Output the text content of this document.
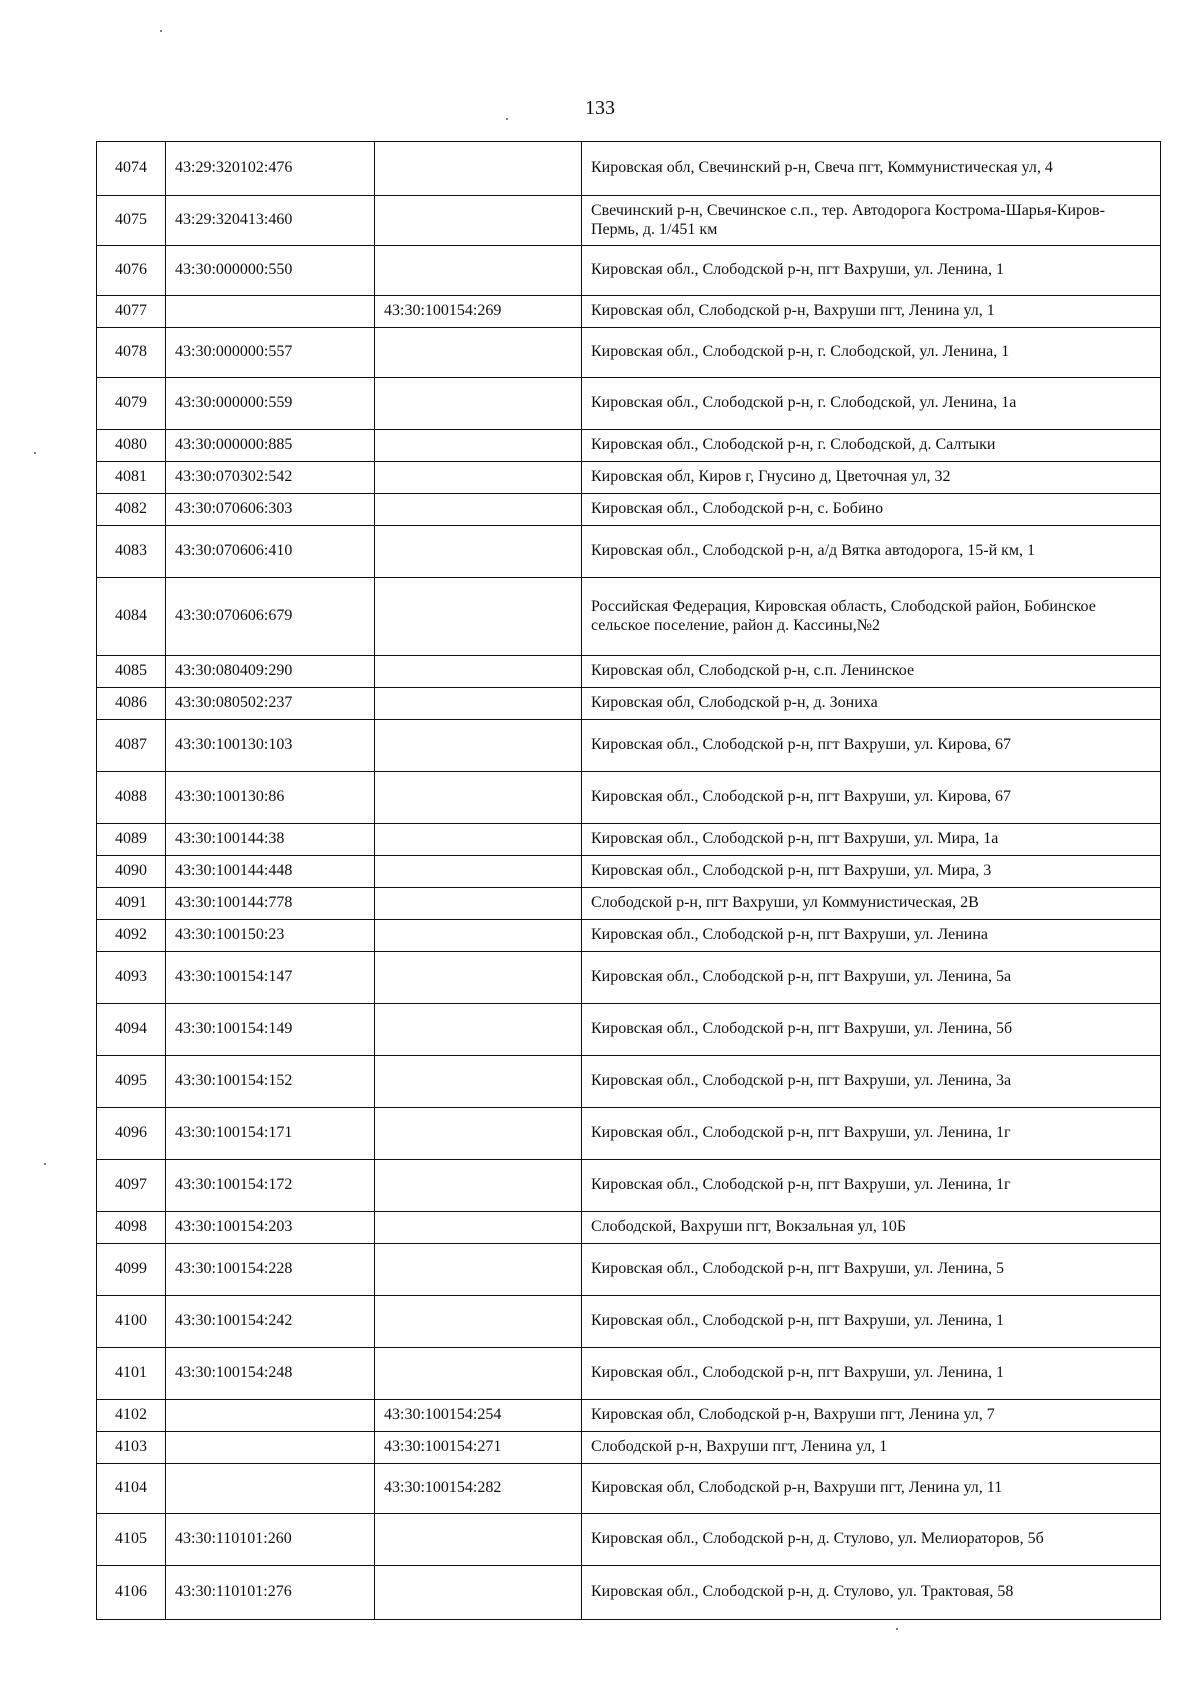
133
4074	43:29:320102:476		Кировская обл, Свечинский р-н, Свеча пгт, Коммунистическая ул, 4
4075	43:29:320413:460		Свечинский р-н, Свечинское с.п., тер. Автодорога Кострома-Шарья-Киров-Пермь, д. 1/451 км
4076	43:30:000000:550		Кировская обл., Слободской р-н, пгт Вахруши, ул. Ленина, 1
4077		43:30:100154:269	Кировская обл, Слободской р-н, Вахруши пгт, Ленина ул, 1
4078	43:30:000000:557		Кировская обл., Слободской р-н, г. Слободской, ул. Ленина, 1
4079	43:30:000000:559		Кировская обл., Слободской р-н, г. Слободской, ул. Ленина, 1а
4080	43:30:000000:885		Кировская обл., Слободской р-н, г. Слободской, д. Салтыки
4081	43:30:070302:542		Кировская обл, Киров г, Гнусино д, Цветочная ул, 32
4082	43:30:070606:303		Кировская обл., Слободской р-н, с. Бобино
4083	43:30:070606:410		Кировская обл., Слободской р-н, а/д Вятка автодорога, 15-й км, 1
4084	43:30:070606:679		Российская Федерация, Кировская область, Слободской район, Бобинское сельское поселение, район д. Кассины,№2
4085	43:30:080409:290		Кировская обл, Слободской р-н, с.п. Ленинское
4086	43:30:080502:237		Кировская обл, Слободской р-н, д. Зониха
4087	43:30:100130:103		Кировская обл., Слободской р-н, пгт Вахруши, ул. Кирова, 67
4088	43:30:100130:86		Кировская обл., Слободской р-н, пгт Вахруши, ул. Кирова, 67
4089	43:30:100144:38		Кировская обл., Слободской р-н, пгт Вахруши, ул. Мира, 1а
4090	43:30:100144:448		Кировская обл., Слободской р-н, пгт Вахруши, ул. Мира, 3
4091	43:30:100144:778		Слободской р-н, пгт Вахруши, ул Коммунистическая, 2В
4092	43:30:100150:23		Кировская обл., Слободской р-н, пгт Вахруши, ул. Ленина
4093	43:30:100154:147		Кировская обл., Слободской р-н, пгт Вахруши, ул. Ленина, 5а
4094	43:30:100154:149		Кировская обл., Слободской р-н, пгт Вахруши, ул. Ленина, 5б
4095	43:30:100154:152		Кировская обл., Слободской р-н, пгт Вахруши, ул. Ленина, 3а
4096	43:30:100154:171		Кировская обл., Слободской р-н, пгт Вахруши, ул. Ленина, 1г
4097	43:30:100154:172		Кировская обл., Слободской р-н, пгт Вахруши, ул. Ленина, 1г
4098	43:30:100154:203		Слободской, Вахруши пгт, Вокзальная ул, 10Б
4099	43:30:100154:228		Кировская обл., Слободской р-н, пгт Вахруши, ул. Ленина, 5
4100	43:30:100154:242		Кировская обл., Слободской р-н, пгт Вахруши, ул. Ленина, 1
4101	43:30:100154:248		Кировская обл., Слободской р-н, пгт Вахруши, ул. Ленина, 1
4102		43:30:100154:254	Кировская обл, Слободской р-н, Вахруши пгт, Ленина ул, 7
4103		43:30:100154:271	Слободской р-н, Вахруши пгт, Ленина ул, 1
4104		43:30:100154:282	Кировская обл, Слободской р-н, Вахруши пгт, Ленина ул, 11
4105	43:30:110101:260		Кировская обл., Слободской р-н, д. Стулово, ул. Мелиораторов, 5б
4106	43:30:110101:276		Кировская обл., Слободской р-н, д. Стулово, ул. Трактовая, 58
